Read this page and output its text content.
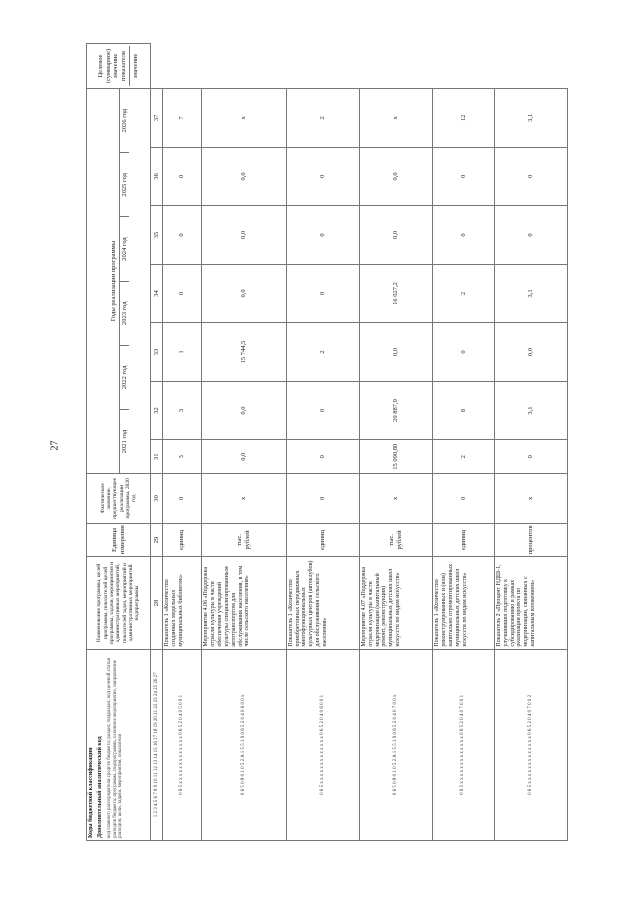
27
Коды бюджетной классификации Дополнительный аналитический код код главного распорядителя средств бюджета; раздел; подраздел; код целевой статьи расходов бюджета: программа, подпрограмма, основное мероприятие, направление расходов; цели, задачи, мероприятия, показатели
	Наименование программы, целей программы, показателей целей программы, задачи, мероприятия и административных мероприятий, показателей задач, мероприятий и административных мероприятий подпрограммы	Единица измерения	Фактическое значение, предшествующее реализации программы, 2020 год	
Годы реализации программы
2021 год	2022 год	2023 год	2024 год	2025 год	2026 год

Целевое (суммарное) значение показателя значение

1 2 3 4 5 6 7 8 9 10 11 12 13 14 15 16 17 18 19 20 21 22 23 24 25 26 27	28	29	30	31	32	33	34	35	36	37
0 6 5 x x x x x x x x x x x x x 0 6 5 2 0 4 0 5 0 0 1	Показатель 1 «Количество созданных модельных муниципальных библиотек»	единиц	0	3	3	1	0	0	0	7
0 6 5 0 8 0 1 0 5 2 A 1 5 5 1 9 0 6 5 2 0 4 0 6 0 0 x	Мероприятие 4.06 «Поддержка отрасли культуры в части обеспечения учреждений культуры специализированным автотранспортом для обслуживания населения, в том числе сельского населения»	тыс. рублей	x	0,0	0,0	15 744,5	0,0	0,0	0,0	x
0 6 5 x x x x x x x x x x x x x 0 6 5 2 0 4 0 6 0 0 1	Показатель 1 «Количество приобретенных передвижных многофункциональных культурных центров (автоклубов) для обслуживания сельского населения»	единиц	0	0	0	2	0	0	0	2
0 6 5 0 8 0 1 0 5 2 A 1 5 5 1 9 0 6 5 2 0 4 0 7 0 0 x	Мероприятие 4.07 «Поддержка отрасли культуры в части модернизации (капитальный ремонт, реконструкция) муниципальных детских школ искусств по видам искусств»	тыс. рублей	x	15 090,80	20 887,9	0,0	16 027,2	0,0	0,0	x
0 6 5 x x x x x x x x x x x x x 0 6 5 2 0 4 0 7 0 0 1	Показатель 1 «Количество реконструированных и (или) капитально отремонтированных муниципальных детских школ искусств по видам искусств»	единиц	0	2	8	0	2	0	0	12
0 6 5 x x x x x x x x x x x x x 0 6 5 2 0 4 0 7 0 0 2	Показатель 2 «Процент НДШ-1, улучшивших подготовку к субсидированию в рамках реализации проекта по модернизации, связанных с капитальным вложением»	процентов	x	0	3,1	0,0	3,1	0	0	3,1
